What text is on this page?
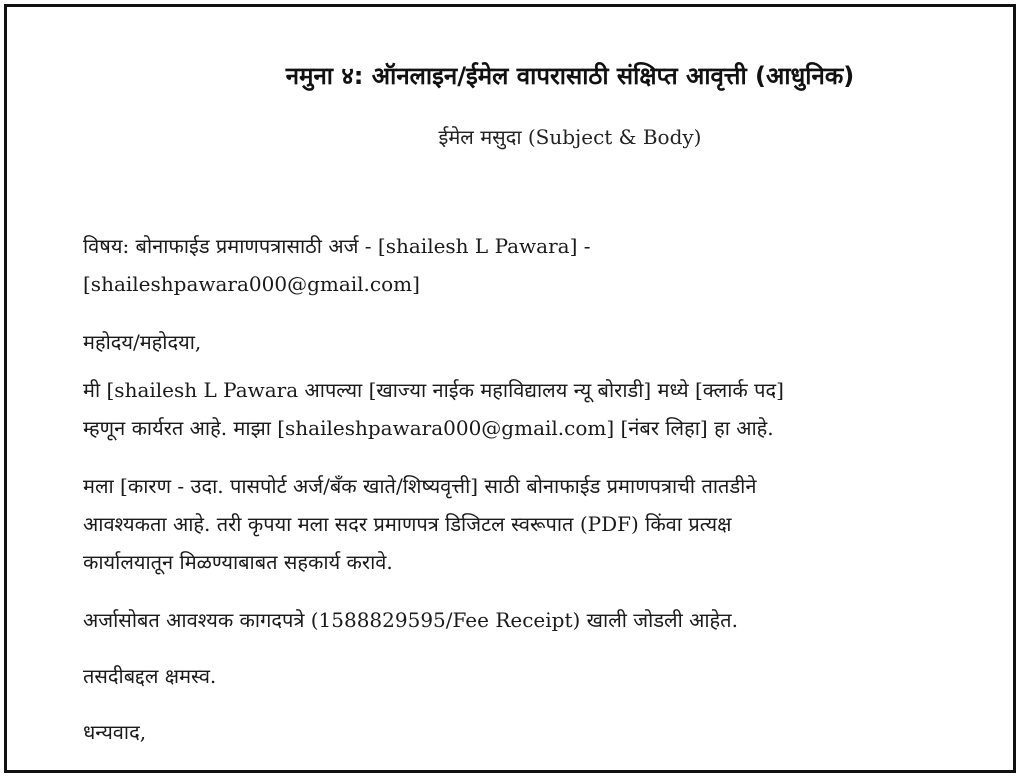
नमुना ४: ऑनलाइन/ईमेल वापरासाठी संक्षिप्त आवृत्ती (आधुनिक)
ईमेल मसुदा (Subject & Body)
विषय: बोनाफाईड प्रमाणपत्रासाठी अर्ज - [shailesh L Pawara] -
[shaileshpawara000@gmail.com]
महोदय/महोदया,
मी [shailesh L Pawara आपल्या [खाज्या नाईक महाविद्यालय न्यू बोराडी] मध्ये [क्लार्क पद]
म्हणून कार्यरत आहे. माझा [shaileshpawara000@gmail.com] [नंबर लिहा] हा आहे.
मला [कारण - उदा. पासपोर्ट अर्ज/बँक खाते/शिष्यवृत्ती] साठी बोनाफाईड प्रमाणपत्राची तातडीने
आवश्यकता आहे. तरी कृपया मला सदर प्रमाणपत्र डिजिटल स्वरूपात (PDF) किंवा प्रत्यक्ष
कार्यालयातून मिळण्याबाबत सहकार्य करावे.
अर्जासोबत आवश्यक कागदपत्रे (1588829595/Fee Receipt) खाली जोडली आहेत.
तसदीबद्दल क्षमस्व.
धन्यवाद,
